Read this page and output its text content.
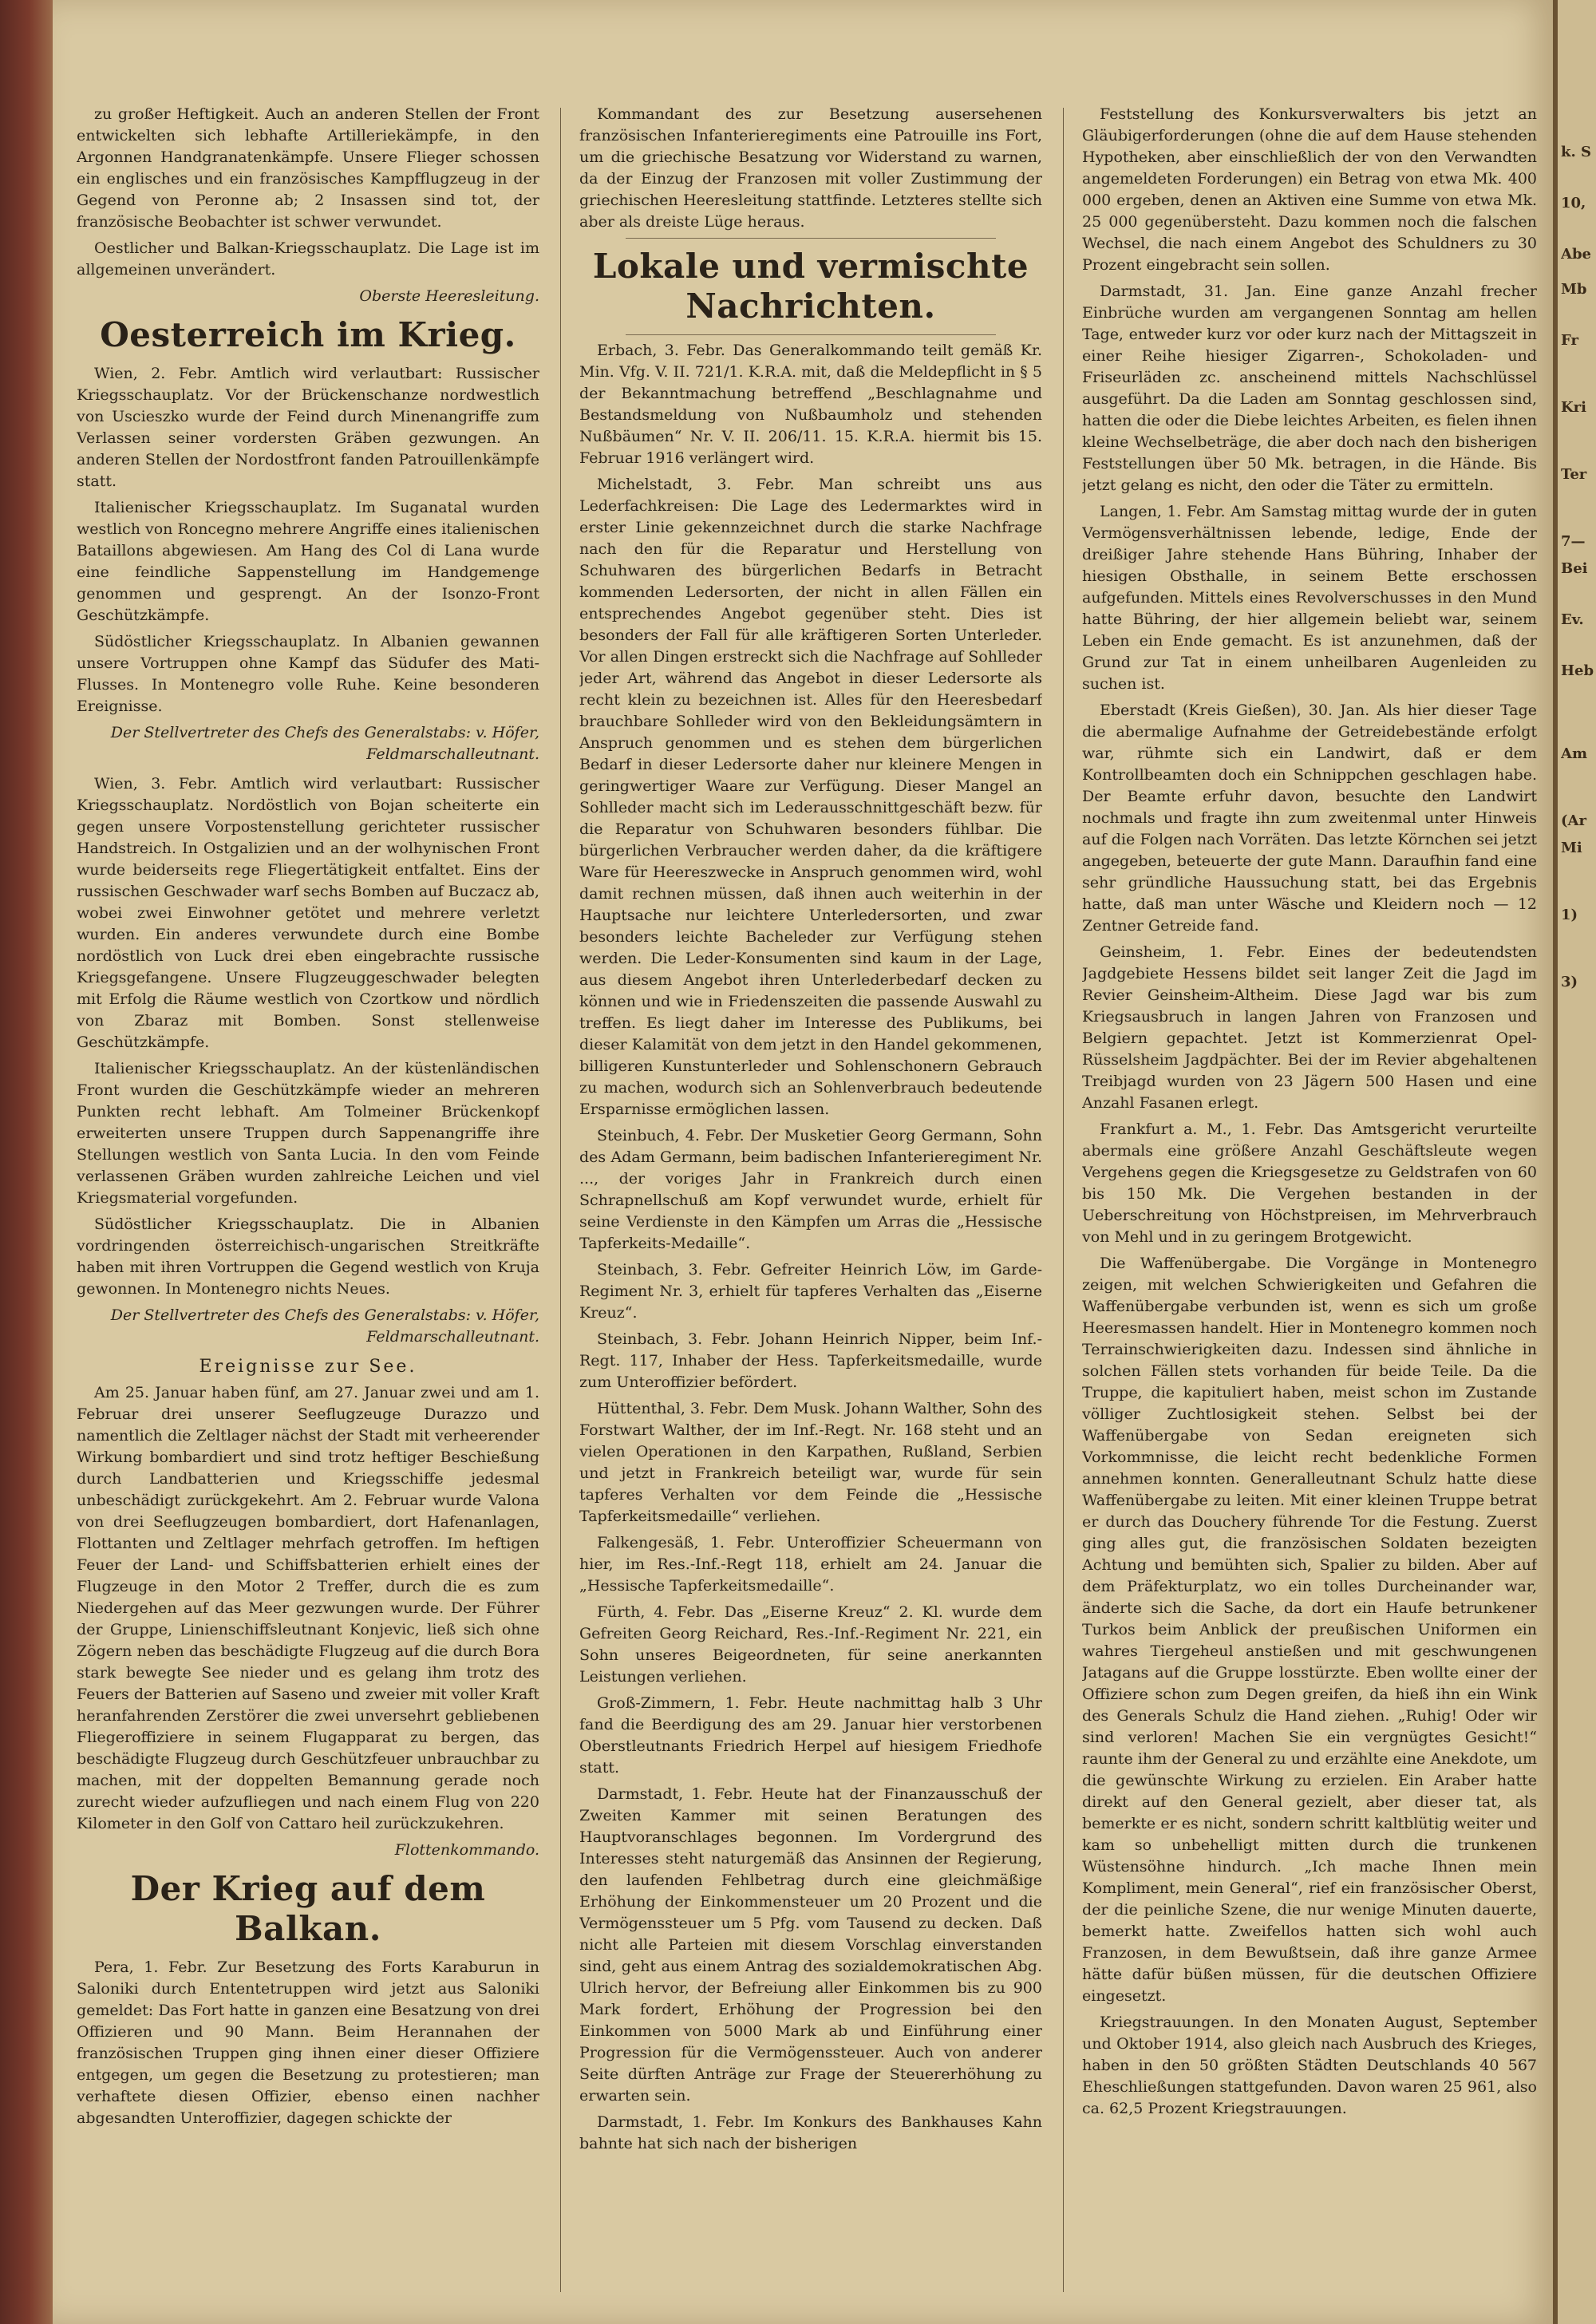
zu großer Heftigkeit. Auch an anderen Stellen der Front entwickelten sich lebhafte Artilleriekämpfe, in den Argonnen Handgranatenkämpfe. Unsere Flieger schossen ein englisches und ein französisches Kampfflugzeug in der Gegend von Peronne ab; 2 Insassen sind tot, der französische Beobachter ist schwer verwundet.

Oestlicher und Balkan-Kriegsschauplatz. Die Lage ist im allgemeinen unverändert.

Oberste Heeresleitung.

Oesterreich im Krieg.

Wien, 2. Febr. Amtlich wird verlautbart: Russischer Kriegsschauplatz. Vor der Brückenschanze nordwestlich von Uscieszko wurde der Feind durch Minenangriffe zum Verlassen seiner vordersten Gräben gezwungen. An anderen Stellen der Nordostfront fanden Patrouillenkämpfe statt.

Italienischer Kriegsschauplatz. Im Suganatal wurden westlich von Roncegno mehrere Angriffe eines italienischen Bataillons abgewiesen. Am Hang des Col di Lana wurde eine feindliche Sappenstellung im Handgemenge genommen und gesprengt. An der Isonzo-Front Geschützkämpfe.

Südöstlicher Kriegsschauplatz. In Albanien gewannen unsere Vortruppen ohne Kampf das Südufer des Mati-Flusses. In Montenegro volle Ruhe. Keine besonderen Ereignisse.

Der Stellvertreter des Chefs des Generalstabs: v. Höfer, Feldmarschalleutnant.

Wien, 3. Febr. Amtlich wird verlautbart: Russischer Kriegsschauplatz. Nordöstlich von Bojan scheiterte ein gegen unsere Vorpostenstellung gerichteter russischer Handstreich. In Ostgalizien und an der wolhynischen Front wurde beiderseits rege Fliegertätigkeit entfaltet. Eins der russischen Geschwader warf sechs Bomben auf Buczacz ab, wobei zwei Einwohner getötet und mehrere verletzt wurden. Ein anderes verwundete durch eine Bombe nordöstlich von Luck drei eben eingebrachte russische Kriegsgefangene. Unsere Flugzeuggeschwader belegten mit Erfolg die Räume westlich von Czortkow und nördlich von Zbaraz mit Bomben. Sonst stellenweise Geschützkämpfe.

Italienischer Kriegsschauplatz. An der küstenländischen Front wurden die Geschützkämpfe wieder an mehreren Punkten recht lebhaft. Am Tolmeiner Brückenkopf erweiterten unsere Truppen durch Sappenangriffe ihre Stellungen westlich von Santa Lucia. In den vom Feinde verlassenen Gräben wurden zahlreiche Leichen und viel Kriegsmaterial vorgefunden.

Südöstlicher Kriegsschauplatz. Die in Albanien vordringenden österreichisch-ungarischen Streitkräfte haben mit ihren Vortruppen die Gegend westlich von Kruja gewonnen. In Montenegro nichts Neues.

Der Stellvertreter des Chefs des Generalstabs: v. Höfer, Feldmarschalleutnant.

Ereignisse zur See.

Am 25. Januar haben fünf, am 27. Januar zwei und am 1. Februar drei unserer Seeflugzeuge Durazzo und namentlich die Zeltlager nächst der Stadt mit verheerender Wirkung bombardiert und sind trotz heftiger Beschießung durch Landbatterien und Kriegsschiffe jedesmal unbeschädigt zurückgekehrt. Am 2. Februar wurde Valona von drei Seeflugzeugen bombardiert, dort Hafenanlagen, Flottanten und Zeltlager mehrfach getroffen. Im heftigen Feuer der Land- und Schiffsbatterien erhielt eines der Flugzeuge in den Motor 2 Treffer, durch die es zum Niedergehen auf das Meer gezwungen wurde. Der Führer der Gruppe, Linienschiffsleutnant Konjevic, ließ sich ohne Zögern neben das beschädigte Flugzeug auf die durch Bora stark bewegte See nieder und es gelang ihm trotz des Feuers der Batterien auf Saseno und zweier mit voller Kraft heranfahrenden Zerstörer die zwei unversehrt gebliebenen Fliegeroffiziere in seinem Flugapparat zu bergen, das beschädigte Flugzeug durch Geschützfeuer unbrauchbar zu machen, mit der doppelten Bemannung gerade noch zurecht wieder aufzufliegen und nach einem Flug von 220 Kilometer in den Golf von Cattaro heil zurückzukehren.

Flottenkommando.

Der Krieg auf dem Balkan.

Pera, 1. Febr. Zur Besetzung des Forts Karaburun in Saloniki durch Ententetruppen wird jetzt aus Saloniki gemeldet: Das Fort hatte in ganzen eine Besatzung von drei Offizieren und 90 Mann. Beim Herannahen der französischen Truppen ging ihnen einer dieser Offiziere entgegen, um gegen die Besetzung zu protestieren; man verhaftete diesen Offizier, ebenso einen nachher abgesandten Unteroffizier, dagegen schickte der

Kommandant des zur Besetzung ausersehenen französischen Infanterieregiments eine Patrouille ins Fort, um die griechische Besatzung vor Widerstand zu warnen, da der Einzug der Franzosen mit voller Zustimmung der griechischen Heeresleitung stattfinde. Letzteres stellte sich aber als dreiste Lüge heraus.

Lokale und vermischte Nachrichten.

Erbach, 3. Febr. Das Generalkommando teilt gemäß Kr. Min. Vfg. V. II. 721/1. K.R.A. mit, daß die Meldepflicht in § 5 der Bekanntmachung betreffend „Beschlagnahme und Bestandsmeldung von Nußbaumholz und stehenden Nußbäumen“ Nr. V. II. 206/11. 15. K.R.A. hiermit bis 15. Februar 1916 verlängert wird.

Michelstadt, 3. Febr. Man schreibt uns aus Lederfachkreisen: Die Lage des Ledermarktes wird in erster Linie gekennzeichnet durch die starke Nachfrage nach den für die Reparatur und Herstellung von Schuhwaren des bürgerlichen Bedarfs in Betracht kommenden Ledersorten, der nicht in allen Fällen ein entsprechendes Angebot gegenüber steht. Dies ist besonders der Fall für alle kräftigeren Sorten Unterleder. Vor allen Dingen erstreckt sich die Nachfrage auf Sohlleder jeder Art, während das Angebot in dieser Ledersorte als recht klein zu bezeichnen ist. Alles für den Heeresbedarf brauchbare Sohlleder wird von den Bekleidungsämtern in Anspruch genommen und es stehen dem bürgerlichen Bedarf in dieser Ledersorte daher nur kleinere Mengen in geringwertiger Waare zur Verfügung. Dieser Mangel an Sohlleder macht sich im Lederausschnittgeschäft bezw. für die Reparatur von Schuhwaren besonders fühlbar. Die bürgerlichen Verbraucher werden daher, da die kräftigere Ware für Heereszwecke in Anspruch genommen wird, wohl damit rechnen müssen, daß ihnen auch weiterhin in der Hauptsache nur leichtere Unterledersorten, und zwar besonders leichte Bacheleder zur Verfügung stehen werden. Die Leder-Konsumenten sind kaum in der Lage, aus diesem Angebot ihren Unterlederbedarf decken zu können und wie in Friedenszeiten die passende Auswahl zu treffen. Es liegt daher im Interesse des Publikums, bei dieser Kalamität von dem jetzt in den Handel gekommenen, billigeren Kunstunterleder und Sohlenschonern Gebrauch zu machen, wodurch sich an Sohlenverbrauch bedeutende Ersparnisse ermöglichen lassen.

Steinbuch, 4. Febr. Der Musketier Georg Germann, Sohn des Adam Germann, beim badischen Infanterieregiment Nr. ..., der voriges Jahr in Frankreich durch einen Schrapnellschuß am Kopf verwundet wurde, erhielt für seine Verdienste in den Kämpfen um Arras die „Hessische Tapferkeits-Medaille“.

Steinbach, 3. Febr. Gefreiter Heinrich Löw, im Garde-Regiment Nr. 3, erhielt für tapferes Verhalten das „Eiserne Kreuz“.

Steinbach, 3. Febr. Johann Heinrich Nipper, beim Inf.-Regt. 117, Inhaber der Hess. Tapferkeitsmedaille, wurde zum Unteroffizier befördert.

Hüttenthal, 3. Febr. Dem Musk. Johann Walther, Sohn des Forstwart Walther, der im Inf.-Regt. Nr. 168 steht und an vielen Operationen in den Karpathen, Rußland, Serbien und jetzt in Frankreich beteiligt war, wurde für sein tapferes Verhalten vor dem Feinde die „Hessische Tapferkeitsmedaille“ verliehen.

Falkengesäß, 1. Febr. Unteroffizier Scheuermann von hier, im Res.-Inf.-Regt 118, erhielt am 24. Januar die „Hessische Tapferkeitsmedaille“.

Fürth, 4. Febr. Das „Eiserne Kreuz“ 2. Kl. wurde dem Gefreiten Georg Reichard, Res.-Inf.-Regiment Nr. 221, ein Sohn unseres Beigeordneten, für seine anerkannten Leistungen verliehen.

Groß-Zimmern, 1. Febr. Heute nachmittag halb 3 Uhr fand die Beerdigung des am 29. Januar hier verstorbenen Oberstleutnants Friedrich Herpel auf hiesigem Friedhofe statt.

Darmstadt, 1. Febr. Heute hat der Finanzausschuß der Zweiten Kammer mit seinen Beratungen des Hauptvoranschlages begonnen. Im Vordergrund des Interesses steht naturgemäß das Ansinnen der Regierung, den laufenden Fehlbetrag durch eine gleichmäßige Erhöhung der Einkommensteuer um 20 Prozent und die Vermögenssteuer um 5 Pfg. vom Tausend zu decken. Daß nicht alle Parteien mit diesem Vorschlag einverstanden sind, geht aus einem Antrag des sozialdemokratischen Abg. Ulrich hervor, der Befreiung aller Einkommen bis zu 900 Mark fordert, Erhöhung der Progression bei den Einkommen von 5000 Mark ab und Einführung einer Progression für die Vermögenssteuer. Auch von anderer Seite dürften Anträge zur Frage der Steuererhöhung zu erwarten sein.

Darmstadt, 1. Febr. Im Konkurs des Bankhauses Kahn bahnte hat sich nach der bisherigen

Feststellung des Konkursverwalters bis jetzt an Gläubigerforderungen (ohne die auf dem Hause stehenden Hypotheken, aber einschließlich der von den Verwandten angemeldeten Forderungen) ein Betrag von etwa Mk. 400 000 ergeben, denen an Aktiven eine Summe von etwa Mk. 25 000 gegenübersteht. Dazu kommen noch die falschen Wechsel, die nach einem Angebot des Schuldners zu 30 Prozent eingebracht sein sollen.

Darmstadt, 31. Jan. Eine ganze Anzahl frecher Einbrüche wurden am vergangenen Sonntag am hellen Tage, entweder kurz vor oder kurz nach der Mittagszeit in einer Reihe hiesiger Zigarren-, Schokoladen- und Friseurläden zc. anscheinend mittels Nachschlüssel ausgeführt. Da die Laden am Sonntag geschlossen sind, hatten die oder die Diebe leichtes Arbeiten, es fielen ihnen kleine Wechselbeträge, die aber doch nach den bisherigen Feststellungen über 50 Mk. betragen, in die Hände. Bis jetzt gelang es nicht, den oder die Täter zu ermitteln.

Langen, 1. Febr. Am Samstag mittag wurde der in guten Vermögensverhältnissen lebende, ledige, Ende der dreißiger Jahre stehende Hans Bühring, Inhaber der hiesigen Obsthalle, in seinem Bette erschossen aufgefunden. Mittels eines Revolverschusses in den Mund hatte Bühring, der hier allgemein beliebt war, seinem Leben ein Ende gemacht. Es ist anzunehmen, daß der Grund zur Tat in einem unheilbaren Augenleiden zu suchen ist.

Eberstadt (Kreis Gießen), 30. Jan. Als hier dieser Tage die abermalige Aufnahme der Getreidebestände erfolgt war, rühmte sich ein Landwirt, daß er dem Kontrollbeamten doch ein Schnippchen geschlagen habe. Der Beamte erfuhr davon, besuchte den Landwirt nochmals und fragte ihn zum zweitenmal unter Hinweis auf die Folgen nach Vorräten. Das letzte Körnchen sei jetzt angegeben, beteuerte der gute Mann. Daraufhin fand eine sehr gründliche Haussuchung statt, bei das Ergebnis hatte, daß man unter Wäsche und Kleidern noch — 12 Zentner Getreide fand.

Geinsheim, 1. Febr. Eines der bedeutendsten Jagdgebiete Hessens bildet seit langer Zeit die Jagd im Revier Geinsheim-Altheim. Diese Jagd war bis zum Kriegsausbruch in langen Jahren von Franzosen und Belgiern gepachtet. Jetzt ist Kommerzienrat Opel-Rüsselsheim Jagdpächter. Bei der im Revier abgehaltenen Treibjagd wurden von 23 Jägern 500 Hasen und eine Anzahl Fasanen erlegt.

Frankfurt a. M., 1. Febr. Das Amtsgericht verurteilte abermals eine größere Anzahl Geschäftsleute wegen Vergehens gegen die Kriegsgesetze zu Geldstrafen von 60 bis 150 Mk. Die Vergehen bestanden in der Ueberschreitung von Höchstpreisen, im Mehrverbrauch von Mehl und in zu geringem Brotgewicht.

Die Waffenübergabe. Die Vorgänge in Montenegro zeigen, mit welchen Schwierigkeiten und Gefahren die Waffenübergabe verbunden ist, wenn es sich um große Heeresmassen handelt. Hier in Montenegro kommen noch Terrainschwierigkeiten dazu. Indessen sind ähnliche in solchen Fällen stets vorhanden für beide Teile. Da die Truppe, die kapituliert haben, meist schon im Zustande völliger Zuchtlosigkeit stehen. Selbst bei der Waffenübergabe von Sedan ereigneten sich Vorkommnisse, die leicht recht bedenkliche Formen annehmen konnten. Generalleutnant Schulz hatte diese Waffenübergabe zu leiten. Mit einer kleinen Truppe betrat er durch das Douchery führende Tor die Festung. Zuerst ging alles gut, die französischen Soldaten bezeigten Achtung und bemühten sich, Spalier zu bilden. Aber auf dem Präfekturplatz, wo ein tolles Durcheinander war, änderte sich die Sache, da dort ein Haufe betrunkener Turkos beim Anblick der preußischen Uniformen ein wahres Tiergeheul anstießen und mit geschwungenen Jatagans auf die Gruppe losstürzte. Eben wollte einer der Offiziere schon zum Degen greifen, da hieß ihn ein Wink des Generals Schulz die Hand ziehen. „Ruhig! Oder wir sind verloren! Machen Sie ein vergnügtes Gesicht!“ raunte ihm der General zu und erzählte eine Anekdote, um die gewünschte Wirkung zu erzielen. Ein Araber hatte direkt auf den General gezielt, aber dieser tat, als bemerkte er es nicht, sondern schritt kaltblütig weiter und kam so unbehelligt mitten durch die trunkenen Wüstensöhne hindurch. „Ich mache Ihnen mein Kompliment, mein General“, rief ein französischer Oberst, der die peinliche Szene, die nur wenige Minuten dauerte, bemerkt hatte. Zweifellos hatten sich wohl auch Franzosen, in dem Bewußtsein, daß ihre ganze Armee hätte dafür büßen müssen, für die deutschen Offiziere eingesetzt.

Kriegstrauungen. In den Monaten August, September und Oktober 1914, also gleich nach Ausbruch des Krieges, haben in den 50 größten Städten Deutschlands 40 567 Eheschließungen stattgefunden. Davon waren 25 961, also ca. 62,5 Prozent Kriegstrauungen.

k. S
10,
Abe
Mb
Fr
Kri
Ter
7—
Bei
Ev.
Heb
Am
(Ar
Mi
1)
3)
